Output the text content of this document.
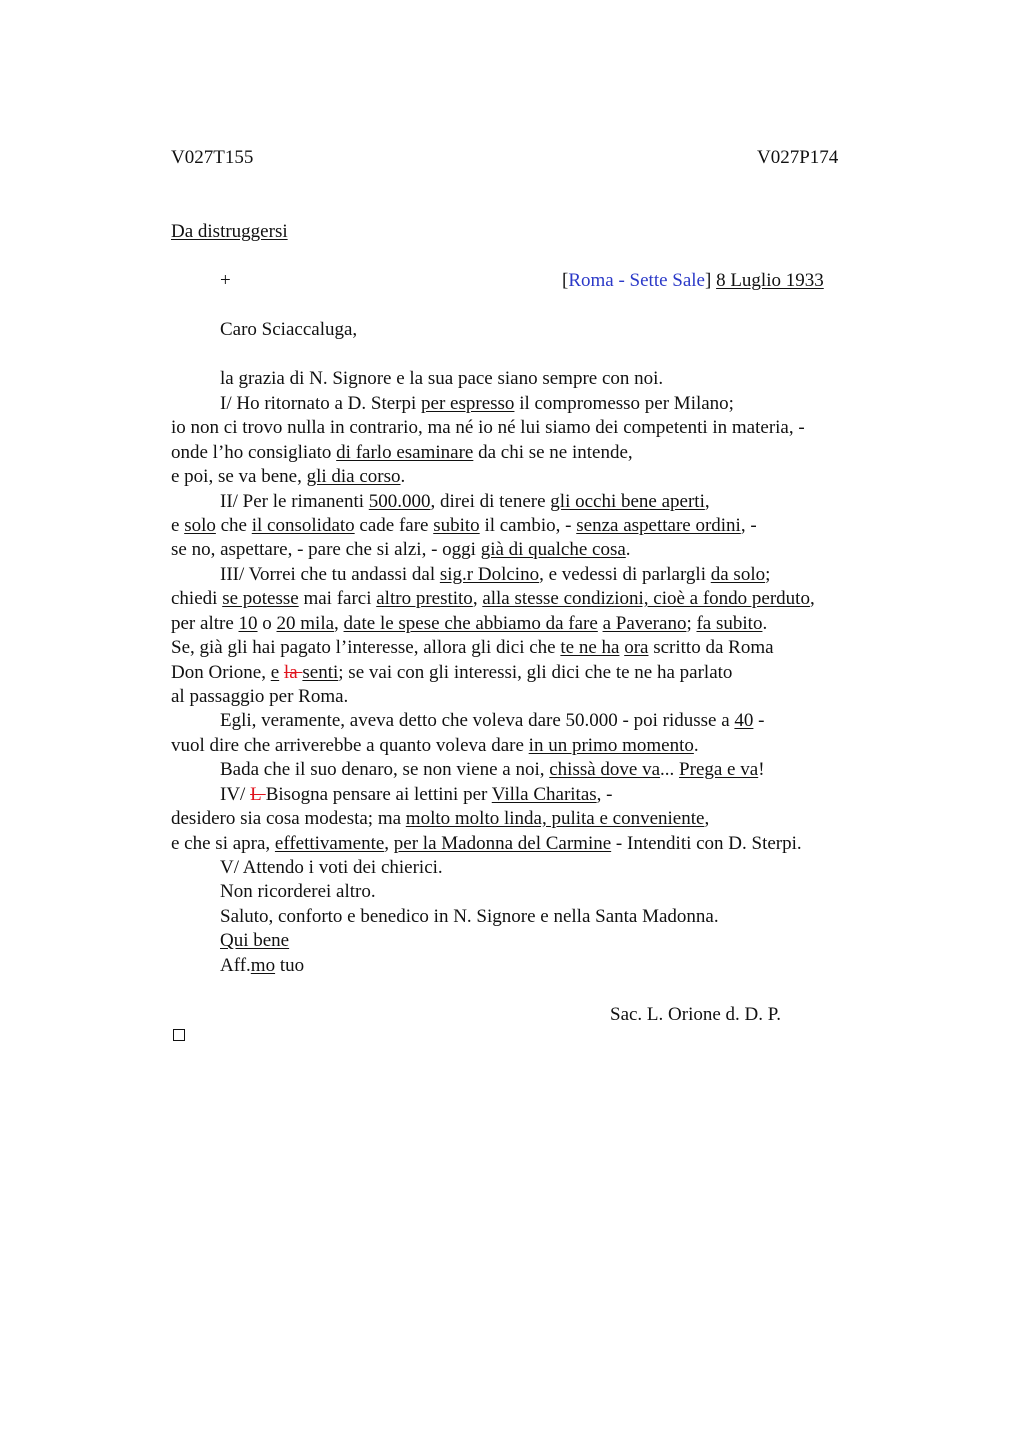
V027T155	V027P174
Da distruggersi
+	[Roma - Sette Sale] 8 Luglio 1933
Caro Sciaccaluga,
la grazia di N. Signore e la sua pace siano sempre con noi.
I/ Ho ritornato a D. Sterpi per espresso il compromesso per Milano;
io non ci trovo nulla in contrario, ma né io né lui siamo dei competenti in materia, -
onde l’ho consigliato di farlo esaminare da chi se ne intende,
e poi, se va bene, gli dia corso.
II/ Per le rimanenti 500.000, direi di tenere gli occhi bene aperti,
e solo che il consolidato cade fare subito il cambio, - senza aspettare ordini, -
se no, aspettare, - pare che si alzi, - oggi già di qualche cosa.
III/ Vorrei che tu andassi dal sig.r Dolcino, e vedessi di parlargli da solo;
chiedi se potesse mai farci altro prestito, alla stesse condizioni, cioè a fondo perduto,
per altre 10 o 20 mila, date le spese che abbiamo da fare a Paverano; fa subito.
Se, già gli hai pagato l’interesse, allora gli dici che te ne ha ora scritto da Roma
Don Orione, e la senti; se vai con gli interessi, gli dici che te ne ha parlato
al passaggio per Roma.
Egli, veramente, aveva detto che voleva dare 50.000 - poi ridusse a 40 -
vuol dire che arriverebbe a quanto voleva dare in un primo momento.
Bada che il suo denaro, se non viene a noi, chissà dove va... Prega e va!
IV/ L Bisogna pensare ai lettini per Villa Charitas, -
desidero sia cosa modesta; ma molto molto linda, pulita e conveniente,
e che si apra, effettivamente, per la Madonna del Carmine - Intenditi con D. Sterpi.
V/ Attendo i voti dei chierici.
Non ricorderei altro.
Saluto, conforto e benedico in N. Signore e nella Santa Madonna.
Qui bene
Aff.mo tuo
Sac. L. Orione d. D. P.
